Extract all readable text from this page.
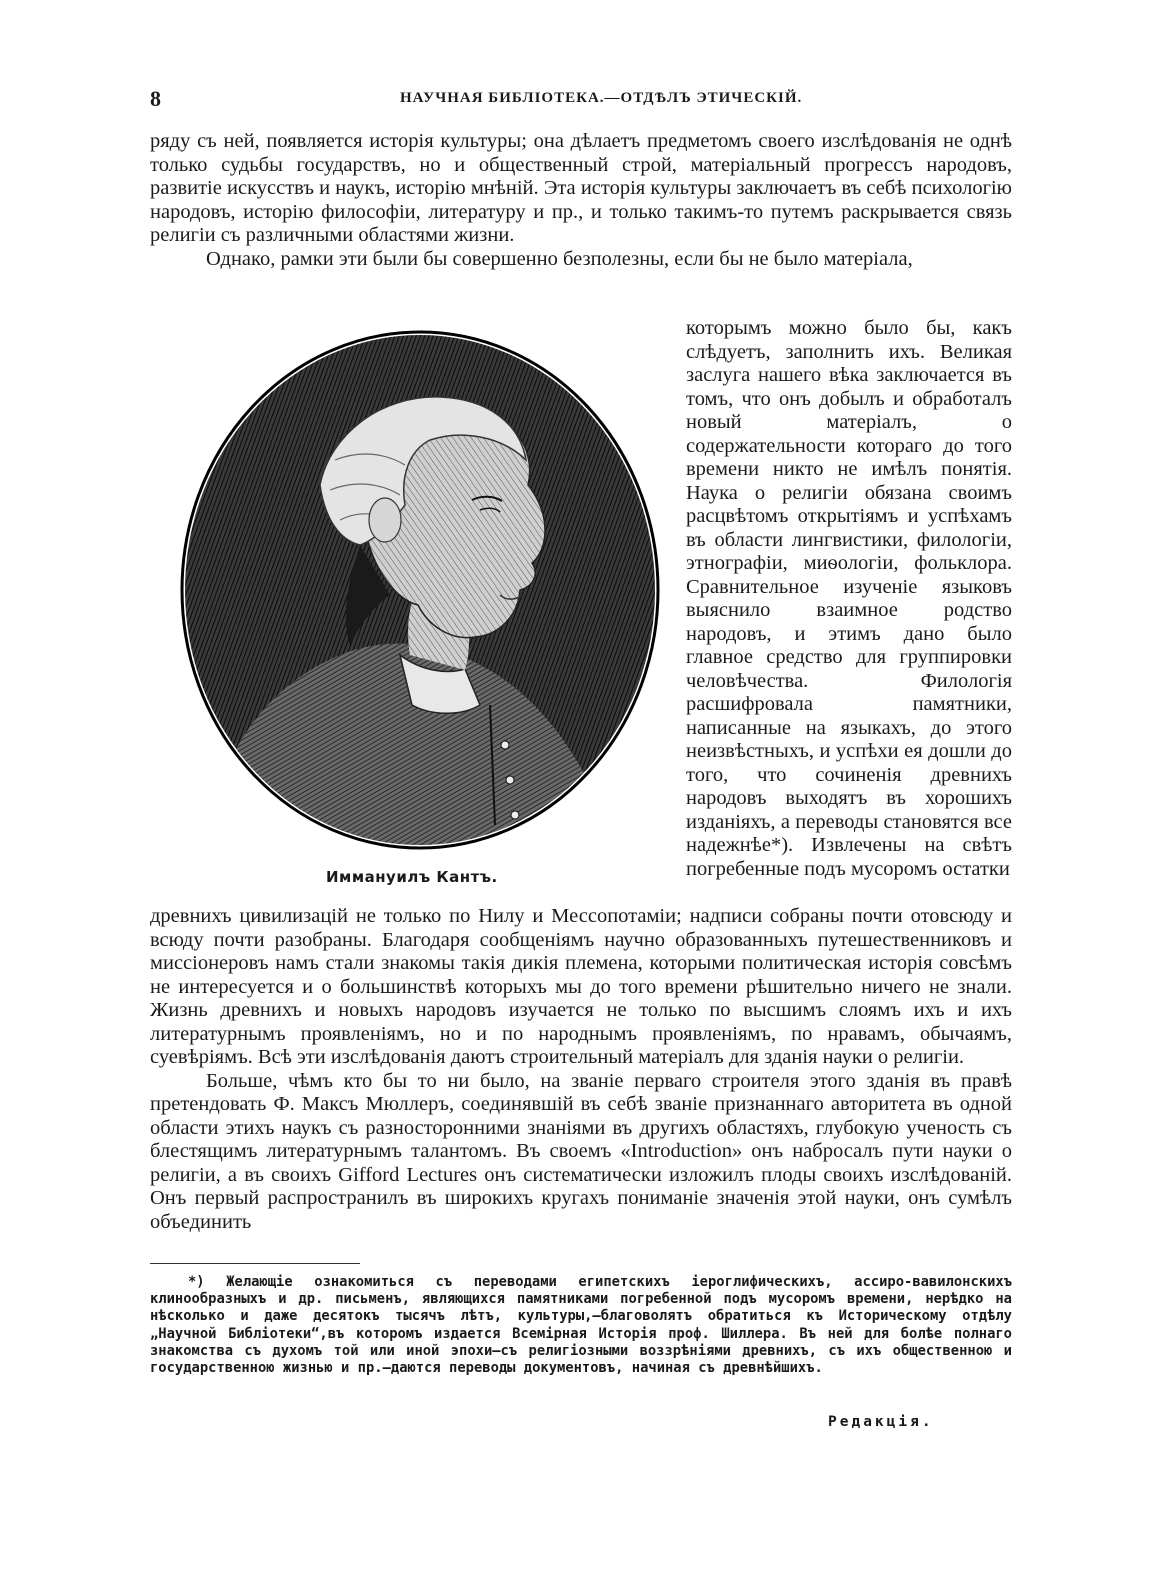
8	НАУЧНАЯ БИБЛIОТЕКА.—ОТДѢЛЪ ЭТИЧЕСКIЙ.

ряду съ ней, появляется исторія культуры; она дѣлаетъ предметомъ своего изслѣдованія не однѣ только судьбы государствъ, но и общественный строй, матеріальный прогрессъ народовъ, развитіе искусствъ и наукъ, исторію мнѣній. Эта исторія культуры заключаетъ въ себѣ психологію народовъ, исторію философіи, литературу и пр., и только такимъ-то путемъ раскрывается связь религіи съ различными областями жизни.

Однако, рамки эти были бы совершенно безполезны, если бы не было матеріала,

Иммануилъ Кантъ.

которымъ можно было бы, какъ слѣдуетъ, заполнить ихъ. Великая заслуга нашего вѣка заключается въ томъ, что онъ добылъ и обработалъ новый матеріалъ, о содержательности котораго до того времени никто не имѣлъ понятія. Наука о религіи обязана своимъ расцвѣтомъ открытіямъ и успѣхамъ въ области лингвистики, филологіи, этнографіи, миѳологіи, фольклора. Сравнительное изученіе языковъ выяснило взаимное родство народовъ, и этимъ дано было главное средство для группировки человѣчества. Филологія расшифровала памятники, написанные на языкахъ, до этого неизвѣстныхъ, и успѣхи ея дошли до того, что сочиненія древнихъ народовъ выходятъ въ хорошихъ изданіяхъ, а переводы становятся все надежнѣе*). Извлечены на свѣтъ погребенные подъ мусоромъ остатки

древнихъ цивилизацій не только по Нилу и Мессопотаміи; надписи собраны почти отовсюду и всюду почти разобраны. Благодаря сообщеніямъ научно образованныхъ путешественниковъ и миссіонеровъ намъ стали знакомы такія дикія племена, которыми политическая исторія совсѣмъ не интересуется и о большинствѣ которыхъ мы до того времени рѣшительно ничего не знали. Жизнь древнихъ и новыхъ народовъ изучается не только по высшимъ слоямъ ихъ и ихъ литературнымъ проявленіямъ, но и по народнымъ проявленіямъ, по нравамъ, обычаямъ, суевѣріямъ. Всѣ эти изслѣдованія даютъ строительный матеріалъ для зданія науки о религіи.

Больше, чѣмъ кто бы то ни было, на званіе перваго строителя этого зданія въ правѣ претендовать Ф. Максъ Мюллеръ, соединявшій въ себѣ званіе признаннаго авторитета въ одной области этихъ наукъ съ разносторонними знаніями въ другихъ областяхъ, глубокую ученость съ блестящимъ литературнымъ талантомъ. Въ своемъ «Introduction» онъ набросалъ пути науки о религіи, а въ своихъ Gifford Lectures онъ систематически изложилъ плоды своихъ изслѣдованій. Онъ первый распространилъ въ широкихъ кругахъ пониманіе значенія этой науки, онъ сумѣлъ объединить

*) Желающіе ознакомиться съ переводами египетскихъ іероглифическихъ, ассиро-вавилонскихъ клинообразныхъ и др. письменъ, являющихся памятниками погребенной подъ мусоромъ времени, нерѣдко на нѣсколько и даже десятокъ тысячъ лѣтъ, культуры,—благоволятъ обратиться къ Историческому отдѣлу „Научной Библіотеки“,въ которомъ издается Всемірная Исторія проф. Шиллера. Въ ней для болѣе полнаго знакомства съ духомъ той или иной эпохи—съ религіозными воззрѣніями древнихъ, съ ихъ общественною и государственною жизнью и пр.—даются переводы документовъ, начиная съ древнѣйшихъ.

Редакція.
